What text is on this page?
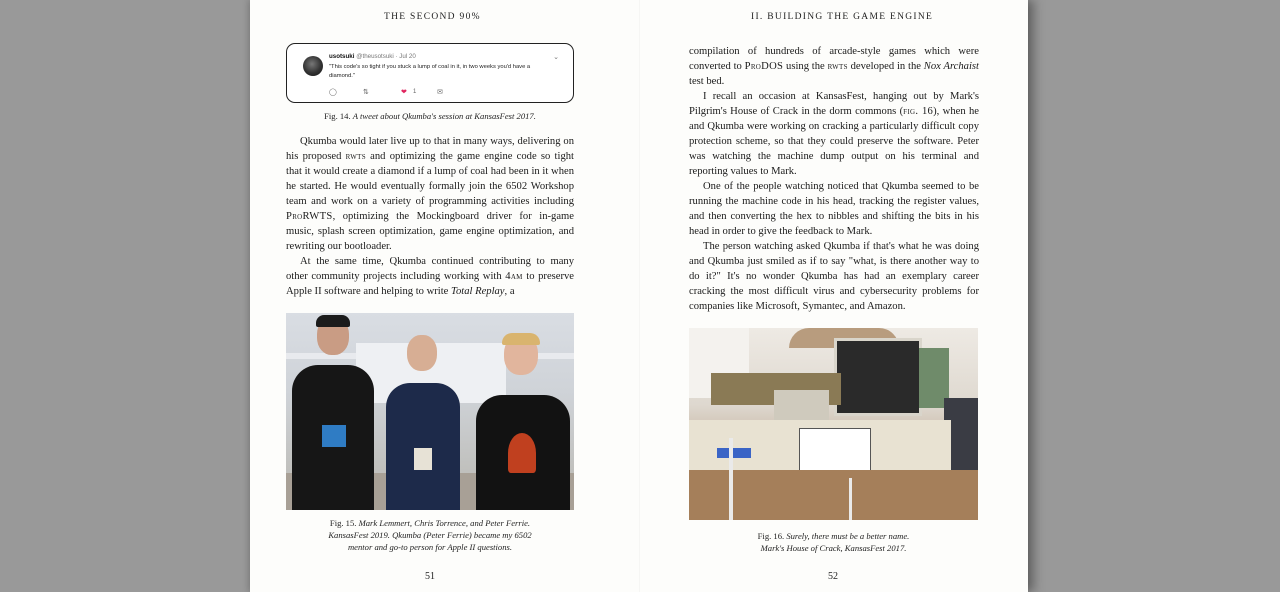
THE SECOND 90%
usotsuki @theusotsuki · Jul 20	⌄
"This code's so tight if you stuck a lump of coal in it, in two weeks you'd have a diamond."
◯	⇅	❤ 1	✉
Fig. 14. A tweet about Qkumba's session at KansasFest 2017.

Qkumba would later live up to that in many ways, delivering on his proposed rwts and optimizing the game engine code so tight that it would create a diamond if a lump of coal had been in it when he started. He would eventually formally join the 6502 Workshop team and work on a variety of programming activities including ProRWTS, optimizing the Mockingboard driver for in-game music, splash screen optimization, game engine optimization, and rewriting our bootloader.

At the same time, Qkumba continued contributing to many other community projects including working with 4am to preserve Apple II software and helping to write Total Replay, a

Fig. 15. Mark Lemmert, Chris Torrence, and Peter Ferrie.
KansasFest 2019. Qkumba (Peter Ferrie) became my 6502
mentor and go-to person for Apple II questions.
51
II. BUILDING THE GAME ENGINE

compilation of hundreds of arcade-style games which were converted to ProDOS using the rwts developed in the Nox Archaist test bed.

I recall an occasion at KansasFest, hanging out by Mark's Pilgrim's House of Crack in the dorm commons (fig. 16), when he and Qkumba were working on cracking a particularly difficult copy protection scheme, so that they could preserve the software. Peter was watching the machine dump output on his terminal and reporting values to Mark.

One of the people watching noticed that Qkumba seemed to be running the machine code in his head, tracking the register values, and then converting the hex to nibbles and shifting the bits in his head in order to give the feedback to Mark.

The person watching asked Qkumba if that's what he was doing and Qkumba just smiled as if to say "what, is there another way to do it?" It's no wonder Qkumba has had an exemplary career cracking the most difficult virus and cybersecurity problems for companies like Microsoft, Symantec, and Amazon.

Fig. 16. Surely, there must be a better name.
Mark's House of Crack, KansasFest 2017.
52
